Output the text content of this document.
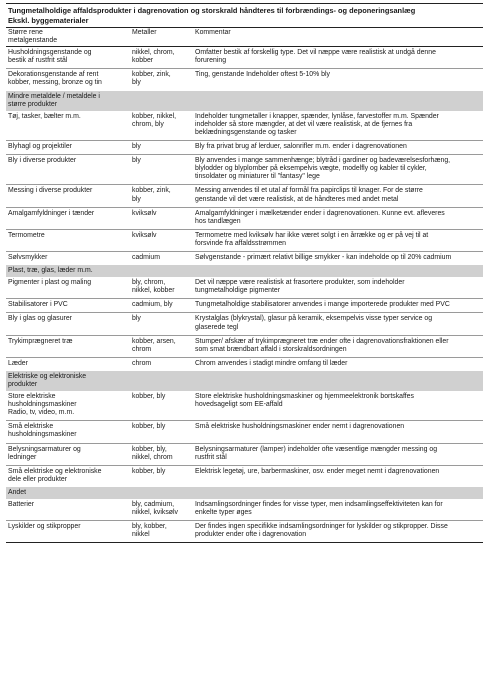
Tungmetalholdige affaldsprodukter i dagrenovation og storskrald håndteres til forbrændings- og deponeringsanlæg
Ekskl. byggematerialer
Større rene
metalgenstande	Metaller	Kommentar
Husholdningsgenstande og
bestik af rustfrit stål	nikkel, chrom,
kobber	Omfatter bestik af forskellig type. Det vil næppe være realistisk at undgå denne
forurening
Dekorationsgenstande af rent
kobber, messing, bronze og tin	kobber, zink,
bly	Ting, genstande Indeholder oftest 5-10% bly
Mindre metaldele / metaldele i
større produkter		
Tøj, tasker, bælter m.m.	kobber, nikkel,
chrom, bly	Indeholder tungmetaller i knapper, spænder, lynlåse, farvestoffer m.m. Spænder
indeholder så store mængder, at det vil være realistisk, at de fjernes fra
beklædningsgenstande og tasker
Blyhagl og projektiler	bly	Bly fra privat brug af lerduer, salonrifler m.m. ender i dagrenovationen
Bly i diverse produkter	bly	Bly anvendes i mange sammenhænge; blytråd i gardiner og badeværelsesforhæng,
blylodder og blyplomber på eksempelvis vægte, modelfly og kabler til cykler,
tinsoldater og miniaturer til "fantasy" lege
Messing i diverse produkter	kobber, zink,
bly	Messing anvendes til et utal af formål fra papirclips til knager. For de større
genstande vil det være realistisk, at de håndteres med andet metal
Amalgamfyldninger i tænder	kviksølv	Amalgamfyldninger i mælketænder ender i dagrenovationen. Kunne evt. afleveres
hos tandlægen
Termometre	kviksølv	Termometre med kviksølv har ikke været solgt i en årrække og er på vej til at
forsvinde fra affaldsstrømmen
Sølvsmykker	cadmium	Sølvgenstande - primært relativt billige smykker - kan indeholde op til 20% cadmium
Plast, træ, glas, læder m.m.		
Pigmenter i plast og maling	bly, chrom,
nikkel, kobber	Det vil næppe være realistisk at frasortere produkter, som indeholder
tungmetalholdige pigmenter
Stabilisatorer i PVC	cadmium, bly	Tungmetalholdige stabilisatorer anvendes i mange importerede produkter med PVC
Bly i glas og glasurer	bly	Krystalglas (blykrystal), glasur på keramik, eksempelvis visse typer service og
glaserede tegl
Trykimprægneret træ	kobber, arsen,
chrom	Stumper/ afskær af trykimprægneret træ ender ofte i dagrenovationsfraktionen eller
som smat brændbart affald i storskraldsordningen
Læder	chrom	Chrom anvendes i stadigt mindre omfang til læder
Elektriske og elektroniske
produkter		
Store elektriske
husholdningsmaskiner
Radio, tv, video, m.m.	kobber, bly	Store elektriske husholdningsmaskiner og hjemmeelektronik bortskaffes
hovedsageligt som EE-affald
Små elektriske
husholdningsmaskiner	kobber, bly	Små elektriske husholdningsmaskiner ender nemt i dagrenovationen
Belysningsarmaturer og
ledninger	kobber, bly,
nikkel, chrom	Belysningsarmaturer (lamper) indeholder ofte væsentlige mængder messing og
rustfrit stål
Små elektriske og elektroniske
dele eller produkter	kobber, bly	Elektrisk legetøj, ure, barbermaskiner, osv. ender meget nemt i dagrenovationen
Andet		
Batterier	bly, cadmium,
nikkel, kviksølv	Indsamlingsordninger findes for visse typer, men indsamlingseffektiviteten kan for
enkelte typer øges
Lyskilder og stikpropper	bly, kobber,
nikkel	Der findes ingen specifikke indsamlingsordninger for lyskilder og stikpropper. Disse
produkter ender ofte i dagrenovation
